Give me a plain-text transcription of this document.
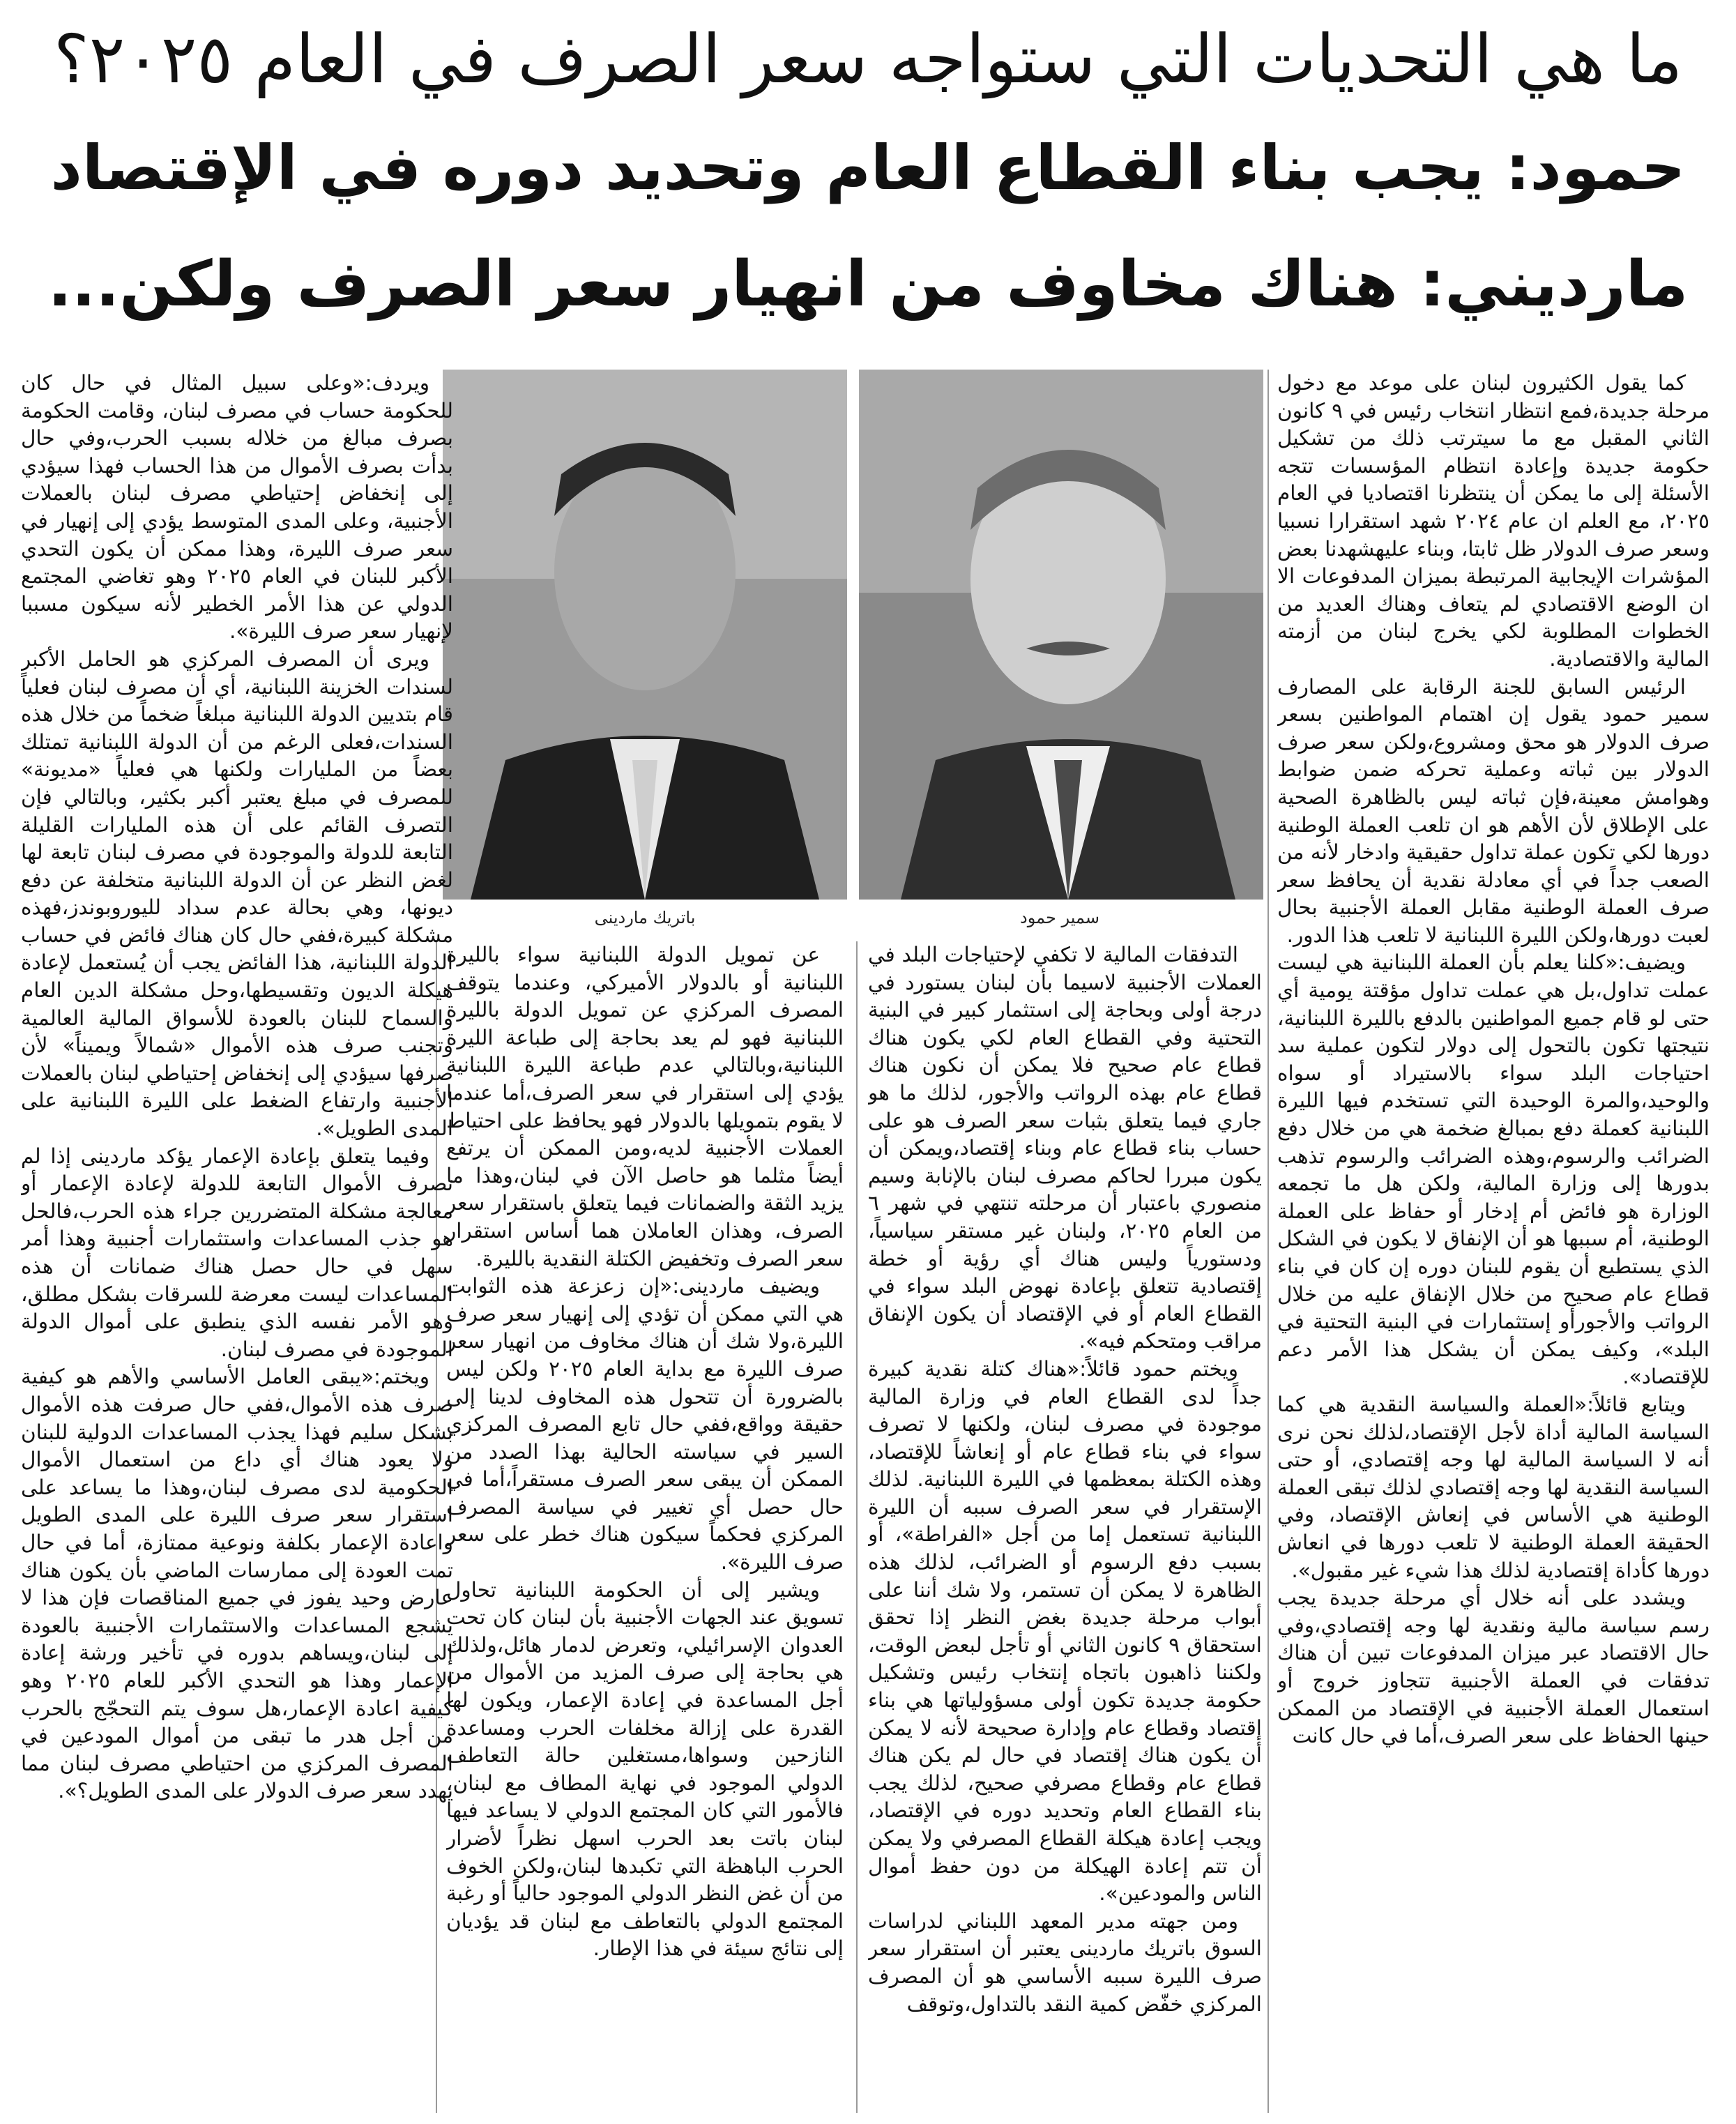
ما هي التحديات التي ستواجه سعر الصرف في العام ٢٠٢٥؟
حمود: يجب بناء القطاع العام وتحديد دوره في الإقتصاد
مارديني: هناك مخاوف من انهيار سعر الصرف ولكن...
سمير حمود
باتريك ماردينى

كما يقول الكثيرون لبنان على موعد مع دخول مرحلة جديدة،فمع انتظار انتخاب رئيس في ٩ كانون الثاني المقبل مع ما سيترتب ذلك من تشكيل حكومة جديدة وإعادة انتظام المؤسسات تتجه الأسئلة إلى ما يمكن أن ينتظرنا اقتصاديا في العام ٢٠٢٥، مع العلم ان عام ٢٠٢٤ شهد استقرارا نسبيا وسعر صرف الدولار ظل ثابتا، وبناء عليهشهدنا بعض المؤشرات الإيجابية المرتبطة بميزان المدفوعات الا ان الوضع الاقتصادي لم يتعاف وهناك العديد من الخطوات المطلوبة لكي يخرج لبنان من أزمته المالية والاقتصادية.

الرئيس السابق للجنة الرقابة على المصارف سمير حمود يقول إن اهتمام المواطنين بسعر صرف الدولار هو محق ومشروع،ولكن سعر صرف الدولار بين ثباته وعملية تحركه ضمن ضوابط وهوامش معينة،فإن ثباته ليس بالظاهرة الصحية على الإطلاق لأن الأهم هو ان تلعب العملة الوطنية دورها لكي تكون عملة تداول حقيقية وادخار لأنه من الصعب جداً في أي معادلة نقدية أن يحافظ سعر صرف العملة الوطنية مقابل العملة الأجنبية بحال لعبت دورها،ولكن الليرة اللبنانية لا تلعب هذا الدور.

ويضيف:«كلنا يعلم بأن العملة اللبنانية هي ليست عملت تداول،بل هي عملت تداول مؤقتة يومية أي حتى لو قام جميع المواطنين بالدفع بالليرة اللبنانية، نتيجتها تكون بالتحول إلى دولار لتكون عملية سد احتياجات البلد سواء بالاستيراد أو سواه والوحيد،والمرة الوحيدة التي تستخدم فيها الليرة اللبنانية كعملة دفع بمبالغ ضخمة هي من خلال دفع الضرائب والرسوم،وهذه الضرائب والرسوم تذهب بدورها إلى وزارة المالية، ولكن هل ما تجمعه الوزارة هو فائض أم إدخار أو حفاظ على العملة الوطنية، أم سببها هو أن الإنفاق لا يكون في الشكل الذي يستطيع أن يقوم للبنان دوره إن كان في بناء قطاع عام صحيح من خلال الإنفاق عليه من خلال الرواتب والأجورأو إستثمارات في البنية التحتية في البلد»، وكيف يمكن أن يشكل هذا الأمر دعم للإقتصاد».

ويتابع قائلاً:«العملة والسياسة النقدية هي كما السياسة المالية أداة لأجل الإقتصاد،لذلك نحن نرى أنه لا السياسة المالية لها وجه إقتصادي، أو حتى السياسة النقدية لها وجه إقتصادي لذلك تبقى العملة الوطنية هي الأساس في إنعاش الإقتصاد، وفي الحقيقة العملة الوطنية لا تلعب دورها في انعاش دورها كأداة إقتصادية لذلك هذا شيء غير مقبول».

ويشدد على أنه خلال أي مرحلة جديدة يجب رسم سياسة مالية ونقدية لها وجه إقتصادي،وفي حال الاقتصاد عبر ميزان المدفوعات تبين أن هناك تدفقات في العملة الأجنبية تتجاوز خروج أو استعمال العملة الأجنبية في الإقتصاد من الممكن حينها الحفاظ على سعر الصرف،أما في حال كانت

التدفقات المالية لا تكفي لإحتياجات البلد في العملات الأجنبية لاسيما بأن لبنان يستورد في درجة أولى وبحاجة إلى استثمار كبير في البنية التحتية وفي القطاع العام لكي يكون هناك قطاع عام صحيح فلا يمكن أن نكون هناك قطاع عام بهذه الرواتب والأجور، لذلك ما هو جاري فيما يتعلق بثبات سعر الصرف هو على حساب بناء قطاع عام وبناء إقتصاد،ويمكن أن يكون مبررا لحاكم مصرف لبنان بالإنابة وسيم منصوري باعتبار أن مرحلته تنتهي في شهر ٦ من العام ٢٠٢٥، ولبنان غير مستقر سياسياً، ودستورياً وليس هناك أي رؤية أو خطة إقتصادية تتعلق بإعادة نهوض البلد سواء في القطاع العام أو في الإقتصاد أن يكون الإنفاق مراقب ومتحكم فيه».

ويختم حمود قائلاً:«هناك كتلة نقدية كبيرة جداً لدى القطاع العام في وزارة المالية موجودة في مصرف لبنان، ولكنها لا تصرف سواء في بناء قطاع عام أو إنعاشاً للإقتصاد، وهذه الكتلة بمعظمها في الليرة اللبنانية. لذلك الإستقرار في سعر الصرف سببه أن الليرة اللبنانية تستعمل إما من أجل «الفراطة»، أو بسبب دفع الرسوم أو الضرائب، لذلك هذه الظاهرة لا يمكن أن تستمر، ولا شك أننا على أبواب مرحلة جديدة بغض النظر إذا تحقق استحقاق ٩ كانون الثاني أو تأجل لبعض الوقت، ولكننا ذاهبون باتجاه إنتخاب رئيس وتشكيل حكومة جديدة تكون أولى مسؤولياتها هي بناء إقتصاد وقطاع عام وإدارة صحيحة لأنه لا يمكن أن يكون هناك إقتصاد في حال لم يكن هناك قطاع عام وقطاع مصرفي صحيح، لذلك يجب بناء القطاع العام وتحديد دوره في الإقتصاد، ويجب إعادة هيكلة القطاع المصرفي ولا يمكن أن تتم إعادة الهيكلة من دون حفظ أموال الناس والمودعين».

ومن جهته مدير المعهد اللبناني لدراسات السوق باتريك ماردينى يعتبر أن استقرار سعر صرف الليرة سببه الأساسي هو أن المصرف المركزي خفّض كمية النقد بالتداول،وتوقف

عن تمويل الدولة اللبنانية سواء بالليرة اللبنانية أو بالدولار الأميركي، وعندما يتوقف المصرف المركزي عن تمويل الدولة بالليرة اللبنانية فهو لم يعد بحاجة إلى طباعة الليرة اللبنانية،وبالتالي عدم طباعة الليرة اللبنانية يؤدي إلى استقرار في سعر الصرف،أما عندما لا يقوم بتمويلها بالدولار فهو يحافظ على احتياط العملات الأجنبية لديه،ومن الممكن أن يرتفع أيضاً مثلما هو حاصل الآن في لبنان،وهذا ما يزيد الثقة والضمانات فيما يتعلق باستقرار سعر الصرف، وهذان العاملان هما أساس استقرار سعر الصرف وتخفيض الكتلة النقدية بالليرة.

ويضيف ماردينى:«إن زعزعة هذه الثوابت هي التي ممكن أن تؤدي إلى إنهيار سعر صرف الليرة،ولا شك أن هناك مخاوف من انهيار سعر صرف الليرة مع بداية العام ٢٠٢٥ ولكن ليس بالضرورة أن تتحول هذه المخاوف لدينا إلى حقيقة وواقع،ففي حال تابع المصرف المركزي السير في سياسته الحالية بهذا الصدد من الممكن أن يبقى سعر الصرف مستقراً،أما في حال حصل أي تغيير في سياسة المصرف المركزي فحكماً سيكون هناك خطر على سعر صرف الليرة».

ويشير إلى أن الحكومة اللبنانية تحاول تسويق عند الجهات الأجنبية بأن لبنان كان تحت العدوان الإسرائيلي، وتعرض لدمار هائل،ولذلك هي بحاجة إلى صرف المزيد من الأموال من أجل المساعدة في إعادة الإعمار، ويكون لها القدرة على إزالة مخلفات الحرب ومساعدة النازحين وسواها،مستغلين حالة التعاطف الدولي الموجود في نهاية المطاف مع لبنان، فالأمور التي كان المجتمع الدولي لا يساعد فيها لبنان باتت بعد الحرب اسهل نظراً لأضرار الحرب الباهظة التي تكبدها لبنان،ولكن الخوف من أن غض النظر الدولي الموجود حالياً أو رغبة المجتمع الدولي بالتعاطف مع لبنان قد يؤديان إلى نتائج سيئة في هذا الإطار.

ويردف:«وعلى سبيل المثال في حال كان للحكومة حساب في مصرف لبنان، وقامت الحكومة بصرف مبالغ من خلاله بسبب الحرب،وفي حال بدأت بصرف الأموال من هذا الحساب فهذا سيؤدي إلى إنخفاض إحتياطي مصرف لبنان بالعملات الأجنبية، وعلى المدى المتوسط يؤدي إلى إنهيار في سعر صرف الليرة، وهذا ممكن أن يكون التحدي الأكبر للبنان في العام ٢٠٢٥ وهو تغاضي المجتمع الدولي عن هذا الأمر الخطير لأنه سيكون مسببا لإنهيار سعر صرف الليرة».

ويرى أن المصرف المركزي هو الحامل الأكبر لسندات الخزينة اللبنانية، أي أن مصرف لبنان فعلياً قام بتديين الدولة اللبنانية مبلغاً ضخماً من خلال هذه السندات،فعلى الرغم من أن الدولة اللبنانية تمتلك بعضاً من المليارات ولكنها هي فعلياً «مديونة» للمصرف في مبلغ يعتبر أكبر بكثير، وبالتالي فإن التصرف القائم على أن هذه المليارات القليلة التابعة للدولة والموجودة في مصرف لبنان تابعة لها لغض النظر عن أن الدولة اللبنانية متخلفة عن دفع ديونها، وهي بحالة عدم سداد لليوروبوندز،فهذه مشكلة كبيرة،ففي حال كان هناك فائض في حساب الدولة اللبنانية، هذا الفائض يجب أن يُستعمل لإعادة هيكلة الديون وتقسيطها،وحل مشكلة الدين العام والسماح للبنان بالعودة للأسواق المالية العالمية وتجنب صرف هذه الأموال «شمالاً ويميناً» لأن صرفها سيؤدي إلى إنخفاض إحتياطي لبنان بالعملات الأجنبية وارتفاع الضغط على الليرة اللبنانية على المدى الطويل».

وفيما يتعلق بإعادة الإعمار يؤكد ماردينى إذا لم تصرف الأموال التابعة للدولة لإعادة الإعمار أو معالجة مشكلة المتضررين جراء هذه الحرب،فالحل هو جذب المساعدات واستثمارات أجنبية وهذا أمر سهل في حال حصل هناك ضمانات أن هذه المساعدات ليست معرضة للسرقات بشكل مطلق، وهو الأمر نفسه الذي ينطبق على أموال الدولة الموجودة في مصرف لبنان.

ويختم:«يبقى العامل الأساسي والأهم هو كيفية صرف هذه الأموال،ففي حال صرفت هذه الأموال بشكل سليم فهذا يجذب المساعدات الدولية للبنان ولا يعود هناك أي داع من استعمال الأموال الحكومية لدى مصرف لبنان،وهذا ما يساعد على استقرار سعر صرف الليرة على المدى الطويل واعادة الإعمار بكلفة ونوعية ممتازة، أما في حال تمت العودة إلى ممارسات الماضي بأن يكون هناك عارض وحيد يفوز في جميع المناقصات فإن هذا لا يشجع المساعدات والاستثمارات الأجنبية بالعودة إلى لبنان،ويساهم بدوره في تأخير ورشة إعادة الإعمار وهذا هو التحدي الأكبر للعام ٢٠٢٥ وهو كيفية اعادة الإعمار،هل سوف يتم التحجّج بالحرب من أجل هدر ما تبقى من أموال المودعين في المصرف المركزي من احتياطي مصرف لبنان مما يهدد سعر صرف الدولار على المدى الطويل؟».
